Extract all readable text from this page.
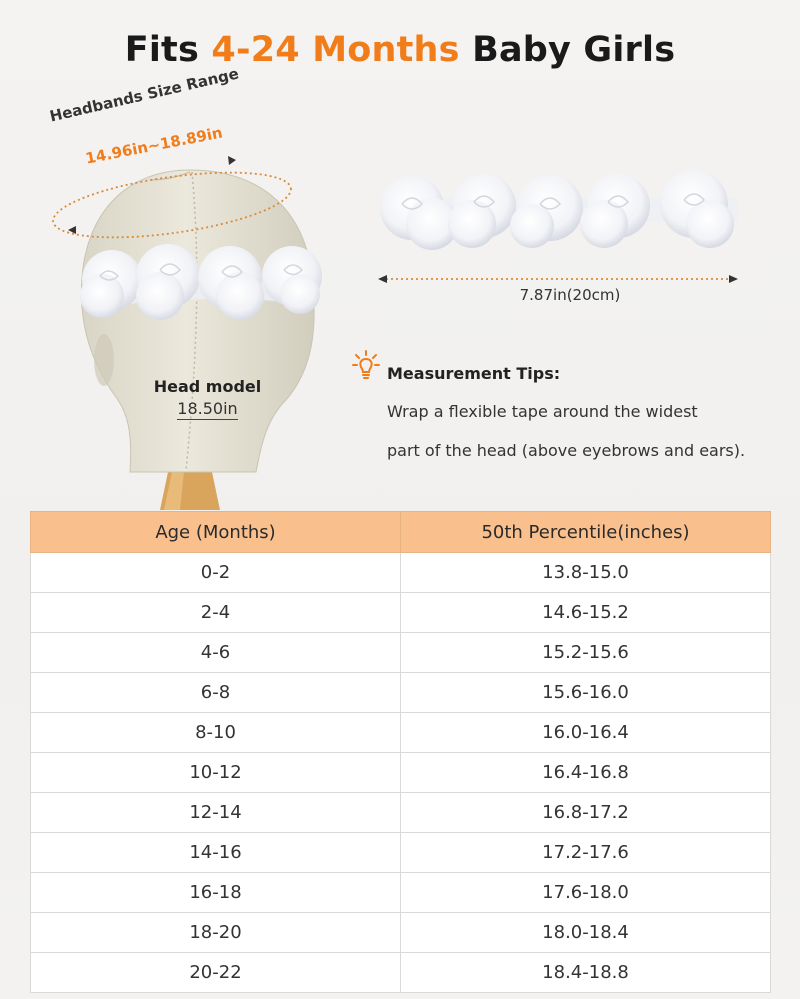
Fits 4-24 Months Baby Girls
Headbands Size Range
14.96in~18.89in
Head model
18.50in
7.87in(20cm)
Measurement Tips:
Wrap a flexible tape around the widest
part of the head (above eyebrows and ears).
Age (Months)	50th Percentile(inches)
0-2	13.8-15.0
2-4	14.6-15.2
4-6	15.2-15.6
6-8	15.6-16.0
8-10	16.0-16.4
10-12	16.4-16.8
12-14	16.8-17.2
14-16	17.2-17.6
16-18	17.6-18.0
18-20	18.0-18.4
20-22	18.4-18.8
